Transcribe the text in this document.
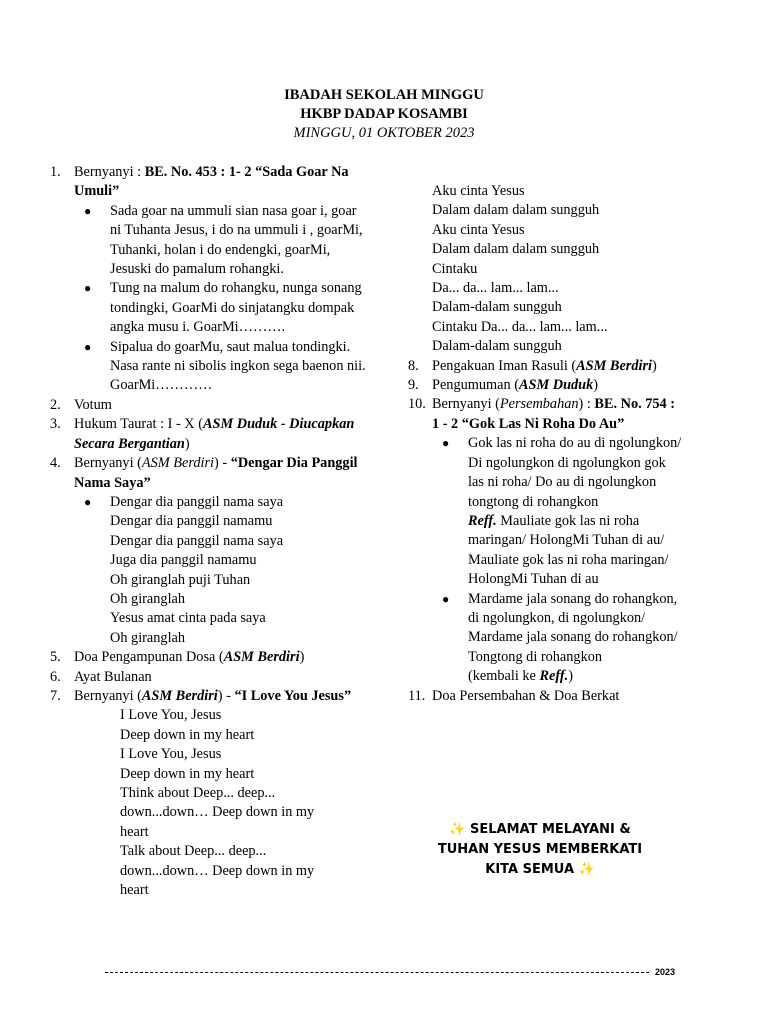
IBADAH SEKOLAH MINGGU
HKBP DADAP KOSAMBI
MINGGU, 01 OKTOBER 2023
1. Bernyanyi : BE. No. 453 : 1- 2 “Sada Goar Na Umuli”
●	Sada goar na ummuli sian nasa goar i, goar ni Tuhanta Jesus, i do na ummuli i , goarMi, Tuhanki, holan i do endengki, goarMi, Jesuski do pamalum rohangki.
●	Tung na malum do rohangku, nunga sonang tondingki, GoarMi do sinjatangku dompak angka musu i. GoarMi……….
●	Sipalua do goarMu, saut malua tondingki. Nasa rante ni sibolis ingkon sega baenon nii. GoarMi…………
2. Votum
3. Hukum Taurat : I - X (ASM Duduk - Diucapkan Secara Bergantian)
4. Bernyanyi (ASM Berdiri) - “Dengar Dia Panggil Nama Saya”
●	Dengar dia panggil nama saya
Dengar dia panggil namamu
Dengar dia panggil nama saya
Juga dia panggil namamu
Oh giranglah puji Tuhan
Oh giranglah
Yesus amat cinta pada saya
Oh giranglah
5. Doa Pengampunan Dosa (ASM Berdiri)
6. Ayat Bulanan
7. Bernyanyi (ASM Berdiri) - “I Love You Jesus”
I Love You, Jesus
Deep down in my heart
I Love You, Jesus
Deep down in my heart
Think about Deep... deep... down...down… Deep down in my heart
Talk about Deep... deep... down...down… Deep down in my heart
Aku cinta Yesus
Dalam dalam dalam sungguh
Aku cinta Yesus
Dalam dalam dalam sungguh
Cintaku
Da... da... lam... lam...
Dalam-dalam sungguh
Cintaku Da... da... lam... lam...
Dalam-dalam sungguh
8. Pengakuan Iman Rasuli (ASM Berdiri)
9. Pengumuman (ASM Duduk)
10. Bernyanyi (Persembahan) : BE. No. 754 : 1 - 2 “Gok Las Ni Roha Do Au”
●	Gok las ni roha do au di ngolungkon/ Di ngolungkon di ngolungkon gok las ni roha/ Do au di ngolungkon tongtong di rohangkon
Reff. Mauliate gok las ni roha maringan/ HolongMi Tuhan di au/ Mauliate gok las ni roha maringan/ HolongMi Tuhan di au
●	Mardame jala sonang do rohangkon, di ngolungkon, di ngolungkon/ Mardame jala sonang do rohangkon/ Tongtong di rohangkon
(kembali ke Reff.)
11. Doa Persembahan & Doa Berkat
✨ SELAMAT MELAYANI &
TUHAN YESUS MEMBERKATI
KITA SEMUA ✨
2023
